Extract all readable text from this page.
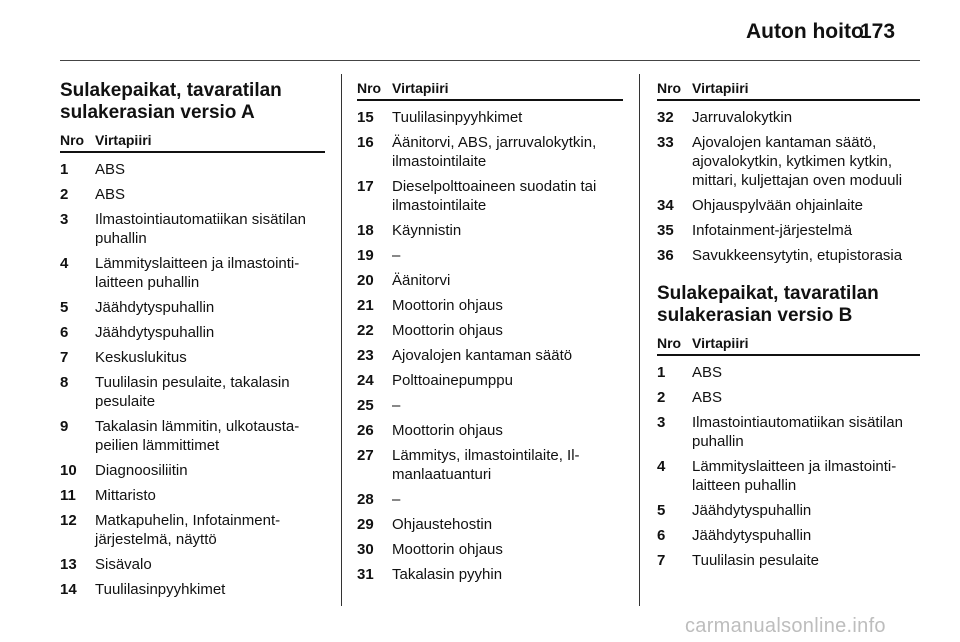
Auton hoito
173
Sulakepaikat, tavaratilan sulakerasian versio A
Nro Virtapiiri
1	ABS
2	ABS
3	Ilmastointiautomatiikan sisätilan puhallin
4	Lämmityslaitteen ja ilmastointi-laitteen puhallin
5	Jäähdytyspuhallin
6	Jäähdytyspuhallin
7	Keskuslukitus
8	Tuulilasin pesulaite, takalasin pesulaite
9	Takalasin lämmitin, ulkotausta-peilien lämmittimet
10	Diagnoosiliitin
11	Mittaristo
12	Matkapuhelin, Infotainment-järjestelmä, näyttö
13	Sisävalo
14	Tuulilasinpyyhkimet
Nro Virtapiiri
15	Tuulilasinpyyhkimet
16	Äänitorvi, ABS, jarruvalokytkin, ilmastointilaite
17	Dieselpolttoaineen suodatin tai ilmastointilaite
18	Käynnistin
19	–
20	Äänitorvi
21	Moottorin ohjaus
22	Moottorin ohjaus
23	Ajovalojen kantaman säätö
24	Polttoainepumppu
25	–
26	Moottorin ohjaus
27	Lämmitys, ilmastointilaite, Il-manlaatuanturi
28	–
29	Ohjaustehostin
30	Moottorin ohjaus
31	Takalasin pyyhin
Nro Virtapiiri
32	Jarruvalokytkin
33	Ajovalojen kantaman säätö, ajovalokytkin, kytkimen kytkin, mittari, kuljettajan oven moduuli
34	Ohjauspylvään ohjainlaite
35	Infotainment-järjestelmä
36	Savukkeensytytin, etupistorasia
Sulakepaikat, tavaratilan sulakerasian versio B
Nro Virtapiiri
1	ABS
2	ABS
3	Ilmastointiautomatiikan sisätilan puhallin
4	Lämmityslaitteen ja ilmastointi-laitteen puhallin
5	Jäähdytyspuhallin
6	Jäähdytyspuhallin
7	Tuulilasin pesulaite
carmanualsonline.info
